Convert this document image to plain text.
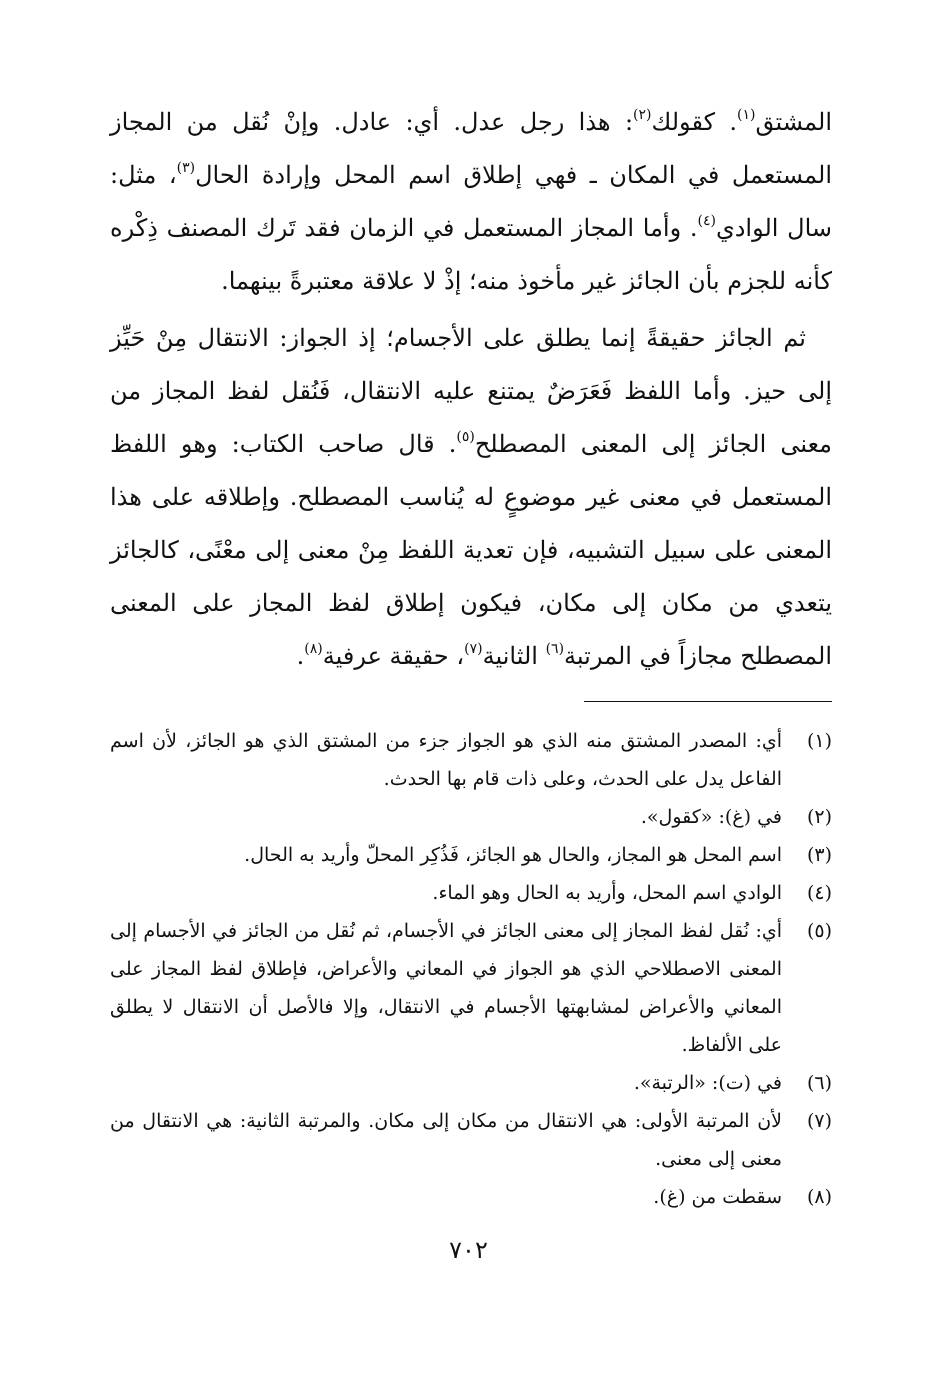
المشتق$^{(١)}$. كقولك$^{(٢)}$: هذا رجل عدل. أي: عادل. وإنْ نُقل من المجاز المستعمل في المكان ـ فهي إطلاق اسم المحل وإرادة الحال$^{(٣)}$، مثل: سال الوادي$^{(٤)}$. وأما المجاز المستعمل في الزمان فقد تَرك المصنف ذِكْره كأنه للجزم بأن الجائز غير مأخوذ منه؛ إذْ لا علاقة معتبرةً بينهما.

ثم الجائز حقيقةً إنما يطلق على الأجسام؛ إذ الجواز: الانتقال مِنْ حَيِّز إلى حيز. وأما اللفظ فَعَرَضٌ يمتنع عليه الانتقال، فَنُقل لفظ المجاز من معنى الجائز إلى المعنى المصطلح$^{(٥)}$. قال صاحب الكتاب: وهو اللفظ المستعمل في معنى غير موضوعٍ له يُناسب المصطلح. وإطلاقه على هذا المعنى على سبيل التشبيه، فإن تعدية اللفظ مِنْ معنى إلى معْنًى، كالجائز يتعدي من مكان إلى مكان، فيكون إطلاق لفظ المجاز على المعنى المصطلح مجازاً في المرتبة$^{(٦)}$ الثانية$^{(٧)}$، حقيقة عرفية$^{(٨)}$.

(١)
أي: المصدر المشتق منه الذي هو الجواز جزء من المشتق الذي هو الجائز، لأن اسم الفاعل يدل على الحدث، وعلى ذات قام بها الحدث.
(٢)
في (غ): «كقول».
(٣)
اسم المحل هو المجاز، والحال هو الجائز، فَذُكِر المحلّ وأريد به الحال.
(٤)
الوادي اسم المحل، وأريد به الحال وهو الماء.
(٥)
أي: نُقل لفظ المجاز إلى معنى الجائز في الأجسام، ثم نُقل من الجائز في الأجسام إلى المعنى الاصطلاحي الذي هو الجواز في المعاني والأعراض، فإطلاق لفظ المجاز على المعاني والأعراض لمشابهتها الأجسام في الانتقال، وإلا فالأصل أن الانتقال لا يطلق على الألفاظ.
(٦)
في (ت): «الرتبة».
(٧)
لأن المرتبة الأولى: هي الانتقال من مكان إلى مكان. والمرتبة الثانية: هي الانتقال من معنى إلى معنى.
(٨)
سقطت من (غ).
٧٠٢
